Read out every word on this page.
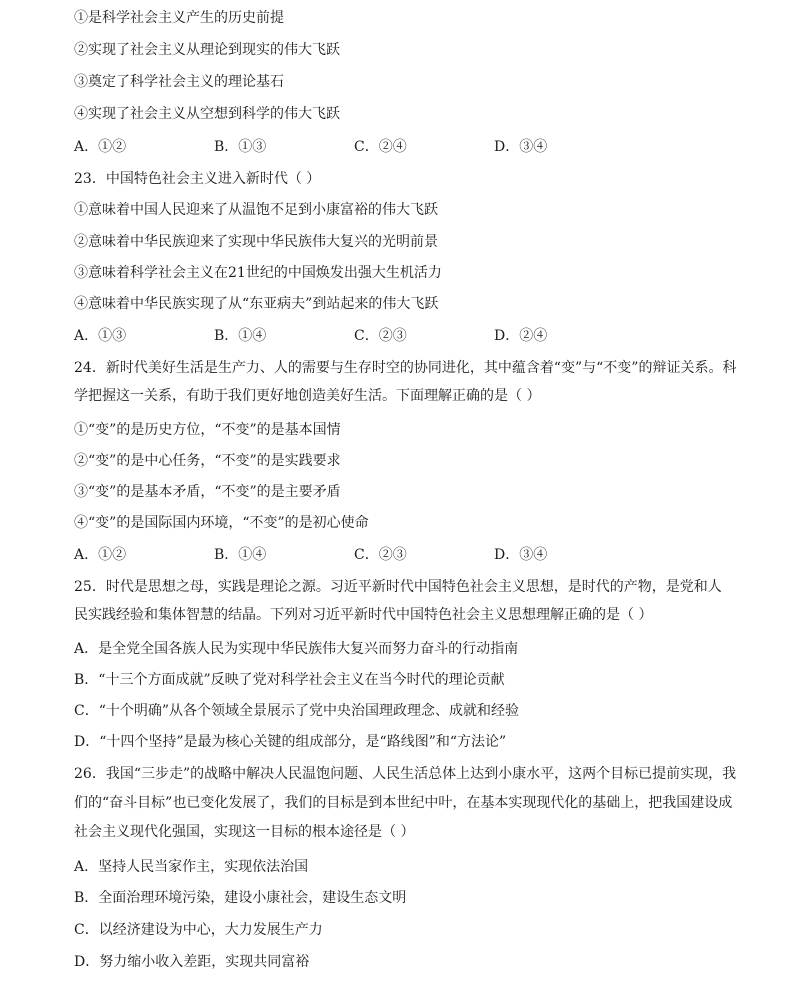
①是科学社会主义产生的历史前提
②实现了社会主义从理论到现实的伟大飞跃
③奠定了科学社会主义的理论基石
④实现了社会主义从空想到科学的伟大飞跃
A．①②	B．①③	C．②④	D．③④
23．中国特色社会主义进入新时代（ ）
①意味着中国人民迎来了从温饱不足到小康富裕的伟大飞跃
②意味着中华民族迎来了实现中华民族伟大复兴的光明前景
③意味着科学社会主义在21世纪的中国焕发出强大生机活力
④意味着中华民族实现了从“东亚病夫”到站起来的伟大飞跃
A．①③	B．①④	C．②③	D．②④
24．新时代美好生活是生产力、人的需要与生存时空的协同进化，其中蕴含着“变”与“不变”的辩证关系。科
学把握这一关系，有助于我们更好地创造美好生活。下面理解正确的是（ ）
①“变”的是历史方位，“不变”的是基本国情
②“变”的是中心任务，“不变”的是实践要求
③“变”的是基本矛盾，“不变”的是主要矛盾
④“变”的是国际国内环境，“不变”的是初心使命
A．①②	B．①④	C．②③	D．③④
25．时代是思想之母，实践是理论之源。习近平新时代中国特色社会主义思想，是时代的产物，是党和人
民实践经验和集体智慧的结晶。下列对习近平新时代中国特色社会主义思想理解正确的是（ ）
A．是全党全国各族人民为实现中华民族伟大复兴而努力奋斗的行动指南
B．“十三个方面成就”反映了党对科学社会主义在当今时代的理论贡献
C．“十个明确”从各个领域全景展示了党中央治国理政理念、成就和经验
D．“十四个坚持”是最为核心关键的组成部分，是“路线图”和“方法论”
26．我国“三步走”的战略中解决人民温饱问题、人民生活总体上达到小康水平，这两个目标已提前实现，我
们的“奋斗目标”也已变化发展了，我们的目标是到本世纪中叶，在基本实现现代化的基础上，把我国建设成
社会主义现代化强国，实现这一目标的根本途径是（ ）
A．坚持人民当家作主，实现依法治国
B．全面治理环境污染，建设小康社会，建设生态文明
C．以经济建设为中心，大力发展生产力
D．努力缩小收入差距，实现共同富裕
